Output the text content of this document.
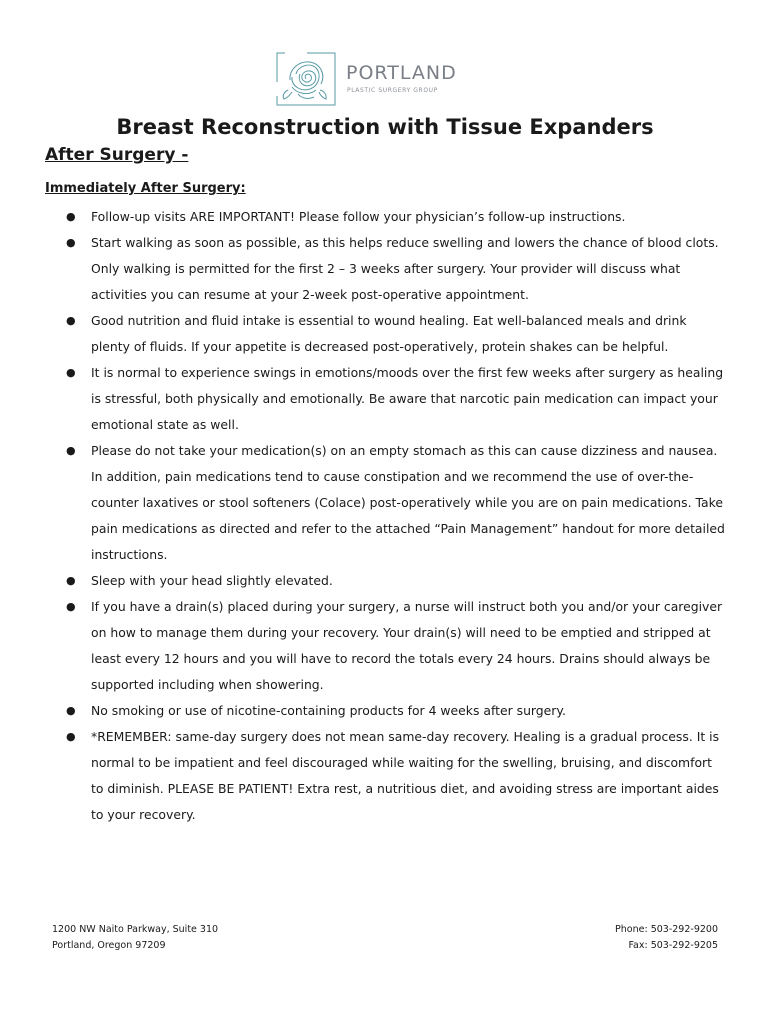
PORTLAND
PLASTIC SURGERY GROUP
Breast Reconstruction with Tissue Expanders
After Surgery -
Immediately After Surgery:
● Follow-up visits ARE IMPORTANT! Please follow your physician’s follow-up instructions.
● Start walking as soon as possible, as this helps reduce swelling and lowers the chance of blood clots. Only walking is permitted for the first 2 – 3 weeks after surgery. Your provider will discuss what activities you can resume at your 2-week post-operative appointment.
● Good nutrition and fluid intake is essential to wound healing. Eat well-balanced meals and drink plenty of fluids. If your appetite is decreased post-operatively, protein shakes can be helpful.
● It is normal to experience swings in emotions/moods over the first few weeks after surgery as healing is stressful, both physically and emotionally. Be aware that narcotic pain medication can impact your emotional state as well.
● Please do not take your medication(s) on an empty stomach as this can cause dizziness and nausea. In addition, pain medications tend to cause constipation and we recommend the use of over-the-counter laxatives or stool softeners (Colace) post-operatively while you are on pain medications. Take pain medications as directed and refer to the attached “Pain Management” handout for more detailed instructions.
● Sleep with your head slightly elevated.
● If you have a drain(s) placed during your surgery, a nurse will instruct both you and/or your caregiver on how to manage them during your recovery. Your drain(s) will need to be emptied and stripped at least every 12 hours and you will have to record the totals every 24 hours. Drains should always be supported including when showering.
● No smoking or use of nicotine-containing products for 4 weeks after surgery.
● *REMEMBER: same-day surgery does not mean same-day recovery. Healing is a gradual process. It is normal to be impatient and feel discouraged while waiting for the swelling, bruising, and discomfort to diminish. PLEASE BE PATIENT! Extra rest, a nutritious diet, and avoiding stress are important aides to your recovery.
1200 NW Naito Parkway, Suite 310
Portland, Oregon 97209
Phone: 503-292-9200
Fax: 503-292-9205
